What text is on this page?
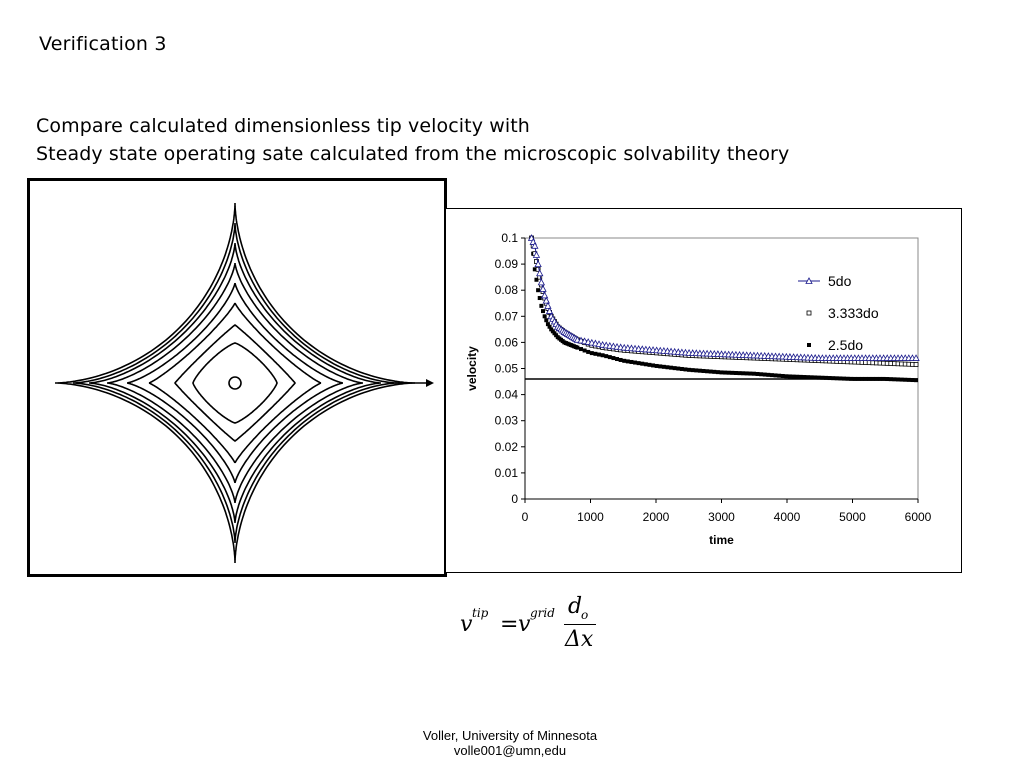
Verification 3
Compare calculated dimensionless tip velocity with
Steady state operating sate calculated from the microscopic solvability theory
0
0.01
0.02
0.03
0.04
0.05
0.06
0.07
0.08
0.09
0.1
0	1000	2000	3000	4000	5000	6000
time
velocity
5do
3.333do
2.5do
v tip = v grid d
o
Δx
Voller, University of Minnesota
volle001@umn,edu
